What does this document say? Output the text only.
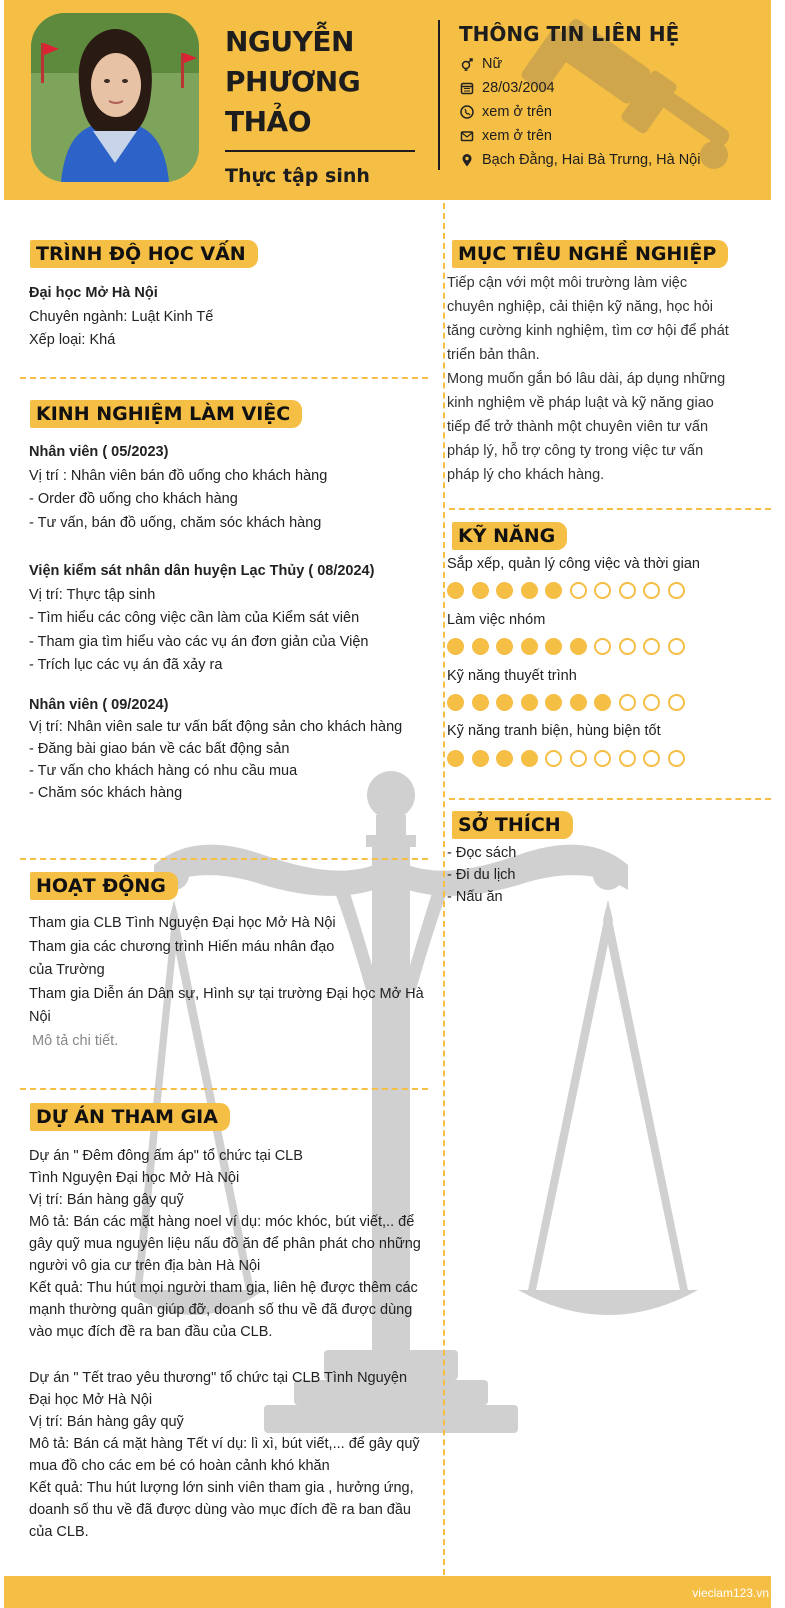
NGUYỄN
PHƯƠNG
THẢO
Thực tập sinh
THÔNG TIN LIÊN HỆ
Nữ
28/03/2004
xem ở trên
xem ở trên
Bạch Đằng, Hai Bà Trưng, Hà Nội
TRÌNH ĐỘ HỌC VẤN
Đại học Mở Hà Nội
Chuyên ngành: Luật Kinh Tế
Xếp loại: Khá
KINH NGHIỆM LÀM VIỆC
Nhân viên ( 05/2023)
Vị trí : Nhân viên bán đồ uống cho khách hàng
- Order đồ uống cho khách hàng
- Tư vấn, bán đồ uống, chăm sóc khách hàng
Viện kiểm sát nhân dân huyện Lạc Thủy ( 08/2024)
Vị trí: Thực tập sinh
- Tìm hiểu các công việc cần làm của Kiểm sát viên
- Tham gia tìm hiểu vào các vụ án đơn giản của Viện
- Trích lục các vụ án đã xảy ra
Nhân viên ( 09/2024)
Vị trí: Nhân viên sale tư vấn bất động sản cho khách hàng
- Đăng bài giao bán về các bất động sản
- Tư vấn cho khách hàng có nhu cầu mua
- Chăm sóc khách hàng
HOẠT ĐỘNG
Tham gia CLB Tình Nguyện Đại học Mở Hà Nội
Tham gia các chương trình Hiến máu nhân đạo
của Trường
Tham gia Diễn án Dân sự, Hình sự tại trường Đại học Mở Hà
Nội
Mô tả chi tiết.
DỰ ÁN THAM GIA
Dự án " Đêm đông ấm áp" tổ chức tại CLB
Tình Nguyện Đại học Mở Hà Nội
Vị trí: Bán hàng gây quỹ
Mô tả: Bán các mặt hàng noel ví dụ: móc khóc, bút viết,.. để
gây quỹ mua nguyên liệu nấu đồ ăn để phân phát cho những
người vô gia cư trên địa bàn Hà Nội
Kết quả: Thu hút mọi người tham gia, liên hệ được thêm các
mạnh thường quân giúp đỡ, doanh số thu về đã được dùng
vào mục đích đề ra ban đầu của CLB.
Dự án " Tết trao yêu thương" tổ chức tại CLB Tình Nguyện
Đại học Mở Hà Nội
Vị trí: Bán hàng gây quỹ
Mô tả: Bán cá mặt hàng Tết ví dụ: lì xì, bút viết,... để gây quỹ
mua đồ cho các em bé có hoàn cảnh khó khăn
Kết quả: Thu hút lượng lớn sinh viên tham gia , hưởng ứng,
doanh số thu về đã được dùng vào mục đích đề ra ban đầu
của CLB.
MỤC TIÊU NGHỀ NGHIỆP
Tiếp cận với một môi trường làm việc
chuyên nghiệp, cải thiện kỹ năng, học hỏi
tăng cường kinh nghiệm, tìm cơ hội để phát
triển bản thân.
Mong muốn gắn bó lâu dài, áp dụng những
kinh nghiệm về pháp luật và kỹ năng giao
tiếp để trở thành một chuyên viên tư vấn
pháp lý, hỗ trợ công ty trong việc tư vấn
pháp lý cho khách hàng.
KỸ NĂNG
Sắp xếp, quản lý công việc và thời gian
Làm việc nhóm
Kỹ năng thuyết trình
Kỹ năng tranh biện, hùng biện tốt
SỞ THÍCH
- Đọc sách
- Đi du lịch
- Nấu ăn
vieclam123.vn
